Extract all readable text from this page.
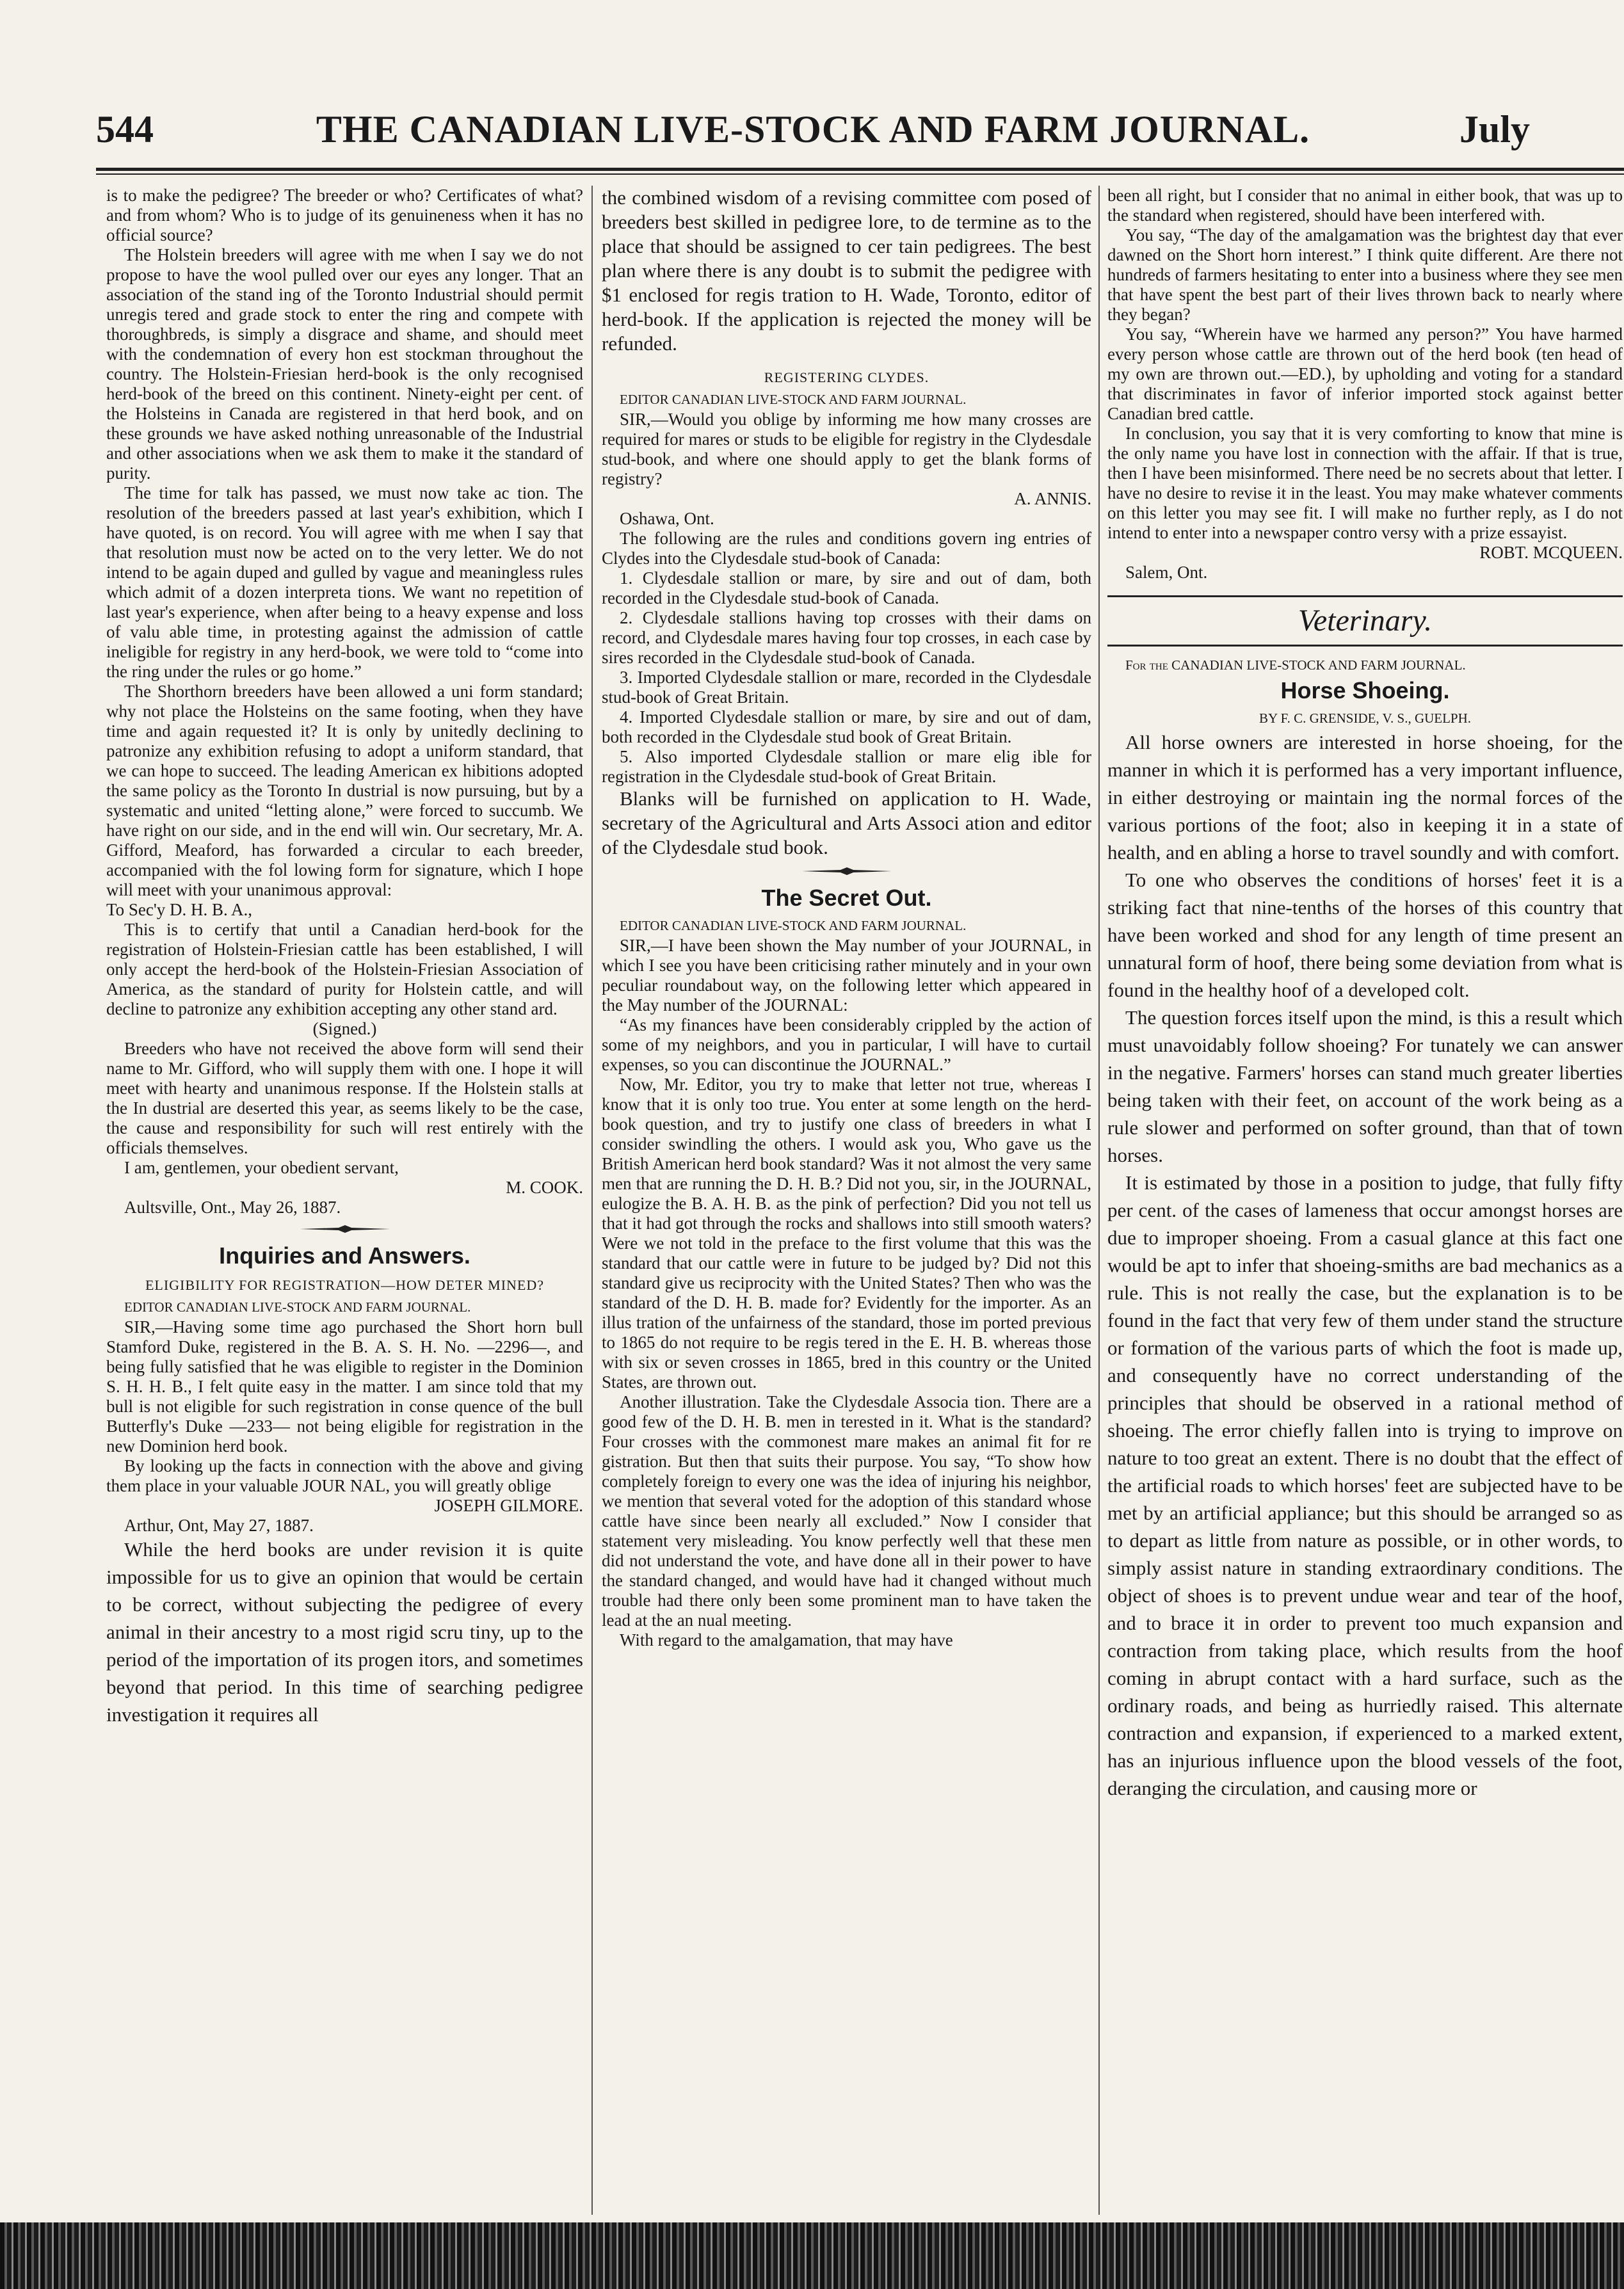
THE CANADIAN LIVE-STOCK AND FARM JOURNAL.
544	July

is to make the pedigree? The breeder or who? Certificates of what? and from whom? Who is to judge of its genuineness when it has no official source?

The Holstein breeders will agree with me when I say we do not propose to have the wool pulled over our eyes any longer. That an association of the stand ing of the Toronto Industrial should permit unregis tered and grade stock to enter the ring and compete with thoroughbreds, is simply a disgrace and shame, and should meet with the condemnation of every hon est stockman throughout the country. The Holstein-Friesian herd-book is the only recognised herd-book of the breed on this continent. Ninety-eight per cent. of the Holsteins in Canada are registered in that herd book, and on these grounds we have asked nothing unreasonable of the Industrial and other associations when we ask them to make it the standard of purity.

The time for talk has passed, we must now take ac tion. The resolution of the breeders passed at last year's exhibition, which I have quoted, is on record. You will agree with me when I say that that resolution must now be acted on to the very letter. We do not intend to be again duped and gulled by vague and meaningless rules which admit of a dozen interpreta tions. We want no repetition of last year's experience, when after being to a heavy expense and loss of valu able time, in protesting against the admission of cattle ineligible for registry in any herd-book, we were told to “come into the ring under the rules or go home.”

The Shorthorn breeders have been allowed a uni form standard; why not place the Holsteins on the same footing, when they have time and again requested it? It is only by unitedly declining to patronize any exhibition refusing to adopt a uniform standard, that we can hope to succeed. The leading American ex hibitions adopted the same policy as the Toronto In dustrial is now pursuing, but by a systematic and united “letting alone,” were forced to succumb. We have right on our side, and in the end will win. Our secretary, Mr. A. Gifford, Meaford, has forwarded a circular to each breeder, accompanied with the fol lowing form for signature, which I hope will meet with your unanimous approval:

To Sec'y D. H. B. A.,

This is to certify that until a Canadian herd-book for the registration of Holstein-Friesian cattle has been established, I will only accept the herd-book of the Holstein-Friesian Association of America, as the standard of purity for Holstein cattle, and will decline to patronize any exhibition accepting any other stand ard.

(Signed.)

Breeders who have not received the above form will send their name to Mr. Gifford, who will supply them with one. I hope it will meet with hearty and unanimous response. If the Holstein stalls at the In dustrial are deserted this year, as seems likely to be the case, the cause and responsibility for such will rest entirely with the officials themselves.

I am, gentlemen, your obedient servant,

M. COOK.

Aultsville, Ont., May 26, 1887.

Inquiries and Answers.
ELIGIBILITY FOR REGISTRATION—HOW DETER MINED?

EDITOR CANADIAN LIVE-STOCK AND FARM JOURNAL.

SIR,—Having some time ago purchased the Short horn bull Stamford Duke, registered in the B. A. S. H. No. —2296—, and being fully satisfied that he was eligible to register in the Dominion S. H. H. B., I felt quite easy in the matter. I am since told that my bull is not eligible for such registration in conse quence of the bull Butterfly's Duke —233— not being eligible for registration in the new Dominion herd book.

By looking up the facts in connection with the above and giving them place in your valuable JOUR NAL, you will greatly oblige

JOSEPH GILMORE.

Arthur, Ont, May 27, 1887.

While the herd books are under revision it is quite impossible for us to give an opinion that would be certain to be correct, without subjecting the pedigree of every animal in their ancestry to a most rigid scru tiny, up to the period of the importation of its progen itors, and sometimes beyond that period. In this time of searching pedigree investigation it requires all

the combined wisdom of a revising committee com posed of breeders best skilled in pedigree lore, to de termine as to the place that should be assigned to cer tain pedigrees. The best plan where there is any doubt is to submit the pedigree with $1 enclosed for regis tration to H. Wade, Toronto, editor of herd-book. If the application is rejected the money will be refunded.

REGISTERING CLYDES.

EDITOR CANADIAN LIVE-STOCK AND FARM JOURNAL.

SIR,—Would you oblige by informing me how many crosses are required for mares or studs to be eligible for registry in the Clydesdale stud-book, and where one should apply to get the blank forms of registry?

A. ANNIS.

Oshawa, Ont.

The following are the rules and conditions govern ing entries of Clydes into the Clydesdale stud-book of Canada:

1. Clydesdale stallion or mare, by sire and out of dam, both recorded in the Clydesdale stud-book of Canada.

2. Clydesdale stallions having top crosses with their dams on record, and Clydesdale mares having four top crosses, in each case by sires recorded in the Clydesdale stud-book of Canada.

3. Imported Clydesdale stallion or mare, recorded in the Clydesdale stud-book of Great Britain.

4. Imported Clydesdale stallion or mare, by sire and out of dam, both recorded in the Clydesdale stud book of Great Britain.

5. Also imported Clydesdale stallion or mare elig ible for registration in the Clydesdale stud-book of Great Britain.

Blanks will be furnished on application to H. Wade, secretary of the Agricultural and Arts Associ ation and editor of the Clydesdale stud book.

The Secret Out.

EDITOR CANADIAN LIVE-STOCK AND FARM JOURNAL.

SIR,—I have been shown the May number of your JOURNAL, in which I see you have been criticising rather minutely and in your own peculiar roundabout way, on the following letter which appeared in the May number of the JOURNAL:

“As my finances have been considerably crippled by the action of some of my neighbors, and you in particular, I will have to curtail expenses, so you can discontinue the JOURNAL.”

Now, Mr. Editor, you try to make that letter not true, whereas I know that it is only too true. You enter at some length on the herd-book question, and try to justify one class of breeders in what I consider swindling the others. I would ask you, Who gave us the British American herd book standard? Was it not almost the very same men that are running the D. H. B.? Did not you, sir, in the JOURNAL, eulogize the B. A. H. B. as the pink of perfection? Did you not tell us that it had got through the rocks and shallows into still smooth waters? Were we not told in the preface to the first volume that this was the standard that our cattle were in future to be judged by? Did not this standard give us reciprocity with the United States? Then who was the standard of the D. H. B. made for? Evidently for the importer. As an illus tration of the unfairness of the standard, those im ported previous to 1865 do not require to be regis tered in the E. H. B. whereas those with six or seven crosses in 1865, bred in this country or the United States, are thrown out.

Another illustration. Take the Clydesdale Associa tion. There are a good few of the D. H. B. men in terested in it. What is the standard? Four crosses with the commonest mare makes an animal fit for re gistration. But then that suits their purpose. You say, “To show how completely foreign to every one was the idea of injuring his neighbor, we mention that several voted for the adoption of this standard whose cattle have since been nearly all excluded.” Now I consider that statement very misleading. You know perfectly well that these men did not understand the vote, and have done all in their power to have the standard changed, and would have had it changed without much trouble had there only been some prominent man to have taken the lead at the an nual meeting.

With regard to the amalgamation, that may have

been all right, but I consider that no animal in either book, that was up to the standard when registered, should have been interfered with.

You say, “The day of the amalgamation was the brightest day that ever dawned on the Short horn interest.” I think quite different. Are there not hundreds of farmers hesitating to enter into a business where they see men that have spent the best part of their lives thrown back to nearly where they began?

You say, “Wherein have we harmed any person?” You have harmed every person whose cattle are thrown out of the herd book (ten head of my own are thrown out.—ED.), by upholding and voting for a standard that discriminates in favor of inferior imported stock against better Canadian bred cattle.

In conclusion, you say that it is very comforting to know that mine is the only name you have lost in connection with the affair. If that is true, then I have been misinformed. There need be no secrets about that letter. I have no desire to revise it in the least. You may make whatever comments on this letter you may see fit. I will make no further reply, as I do not intend to enter into a newspaper contro versy with a prize essayist.

ROBT. MCQUEEN.

Salem, Ont.

Veterinary.

For the CANADIAN LIVE-STOCK AND FARM JOURNAL.

Horse Shoeing.

BY F. C. GRENSIDE, V. S., GUELPH.

All horse owners are interested in horse shoeing, for the manner in which it is performed has a very important influence, in either destroying or maintain ing the normal forces of the various portions of the foot; also in keeping it in a state of health, and en abling a horse to travel soundly and with comfort.

To one who observes the conditions of horses' feet it is a striking fact that nine-tenths of the horses of this country that have been worked and shod for any length of time present an unnatural form of hoof, there being some deviation from what is found in the healthy hoof of a developed colt.

The question forces itself upon the mind, is this a result which must unavoidably follow shoeing? For tunately we can answer in the negative. Farmers' horses can stand much greater liberties being taken with their feet, on account of the work being as a rule slower and performed on softer ground, than that of town horses.

It is estimated by those in a position to judge, that fully fifty per cent. of the cases of lameness that occur amongst horses are due to improper shoeing. From a casual glance at this fact one would be apt to infer that shoeing-smiths are bad mechanics as a rule. This is not really the case, but the explanation is to be found in the fact that very few of them under stand the structure or formation of the various parts of which the foot is made up, and consequently have no correct understanding of the principles that should be observed in a rational method of shoeing. The error chiefly fallen into is trying to improve on nature to too great an extent. There is no doubt that the effect of the artificial roads to which horses' feet are subjected have to be met by an artificial appliance; but this should be arranged so as to depart as little from nature as possible, or in other words, to simply assist nature in standing extraordinary conditions. The object of shoes is to prevent undue wear and tear of the hoof, and to brace it in order to prevent too much expansion and contraction from taking place, which results from the hoof coming in abrupt contact with a hard surface, such as the ordinary roads, and being as hurriedly raised. This alternate contraction and expansion, if experienced to a marked extent, has an injurious influence upon the blood vessels of the foot, deranging the circulation, and causing more or
